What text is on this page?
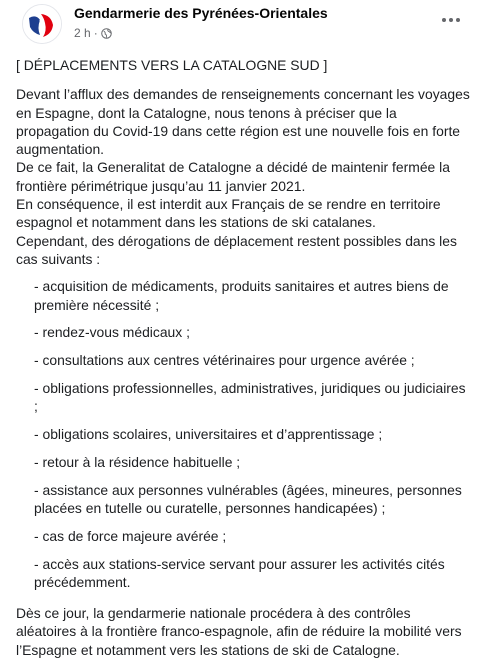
Gendarmerie des Pyrénées-Orientales
2 h ·

[ DÉPLACEMENTS VERS LA CATALOGNE SUD ]

Devant l’afflux des demandes de renseignements concernant les voyages en Espagne, dont la Catalogne, nous tenons à préciser que la propagation du Covid-19 dans cette région est une nouvelle fois en forte augmentation.

De ce fait, la Generalitat de Catalogne a décidé de maintenir fermée la frontière périmétrique jusqu’au 11 janvier 2021.

En conséquence, il est interdit aux Français de se rendre en territoire espagnol et notamment dans les stations de ski catalanes.

Cependant, des dérogations de déplacement restent possibles dans les cas suivants :

- acquisition de médicaments, produits sanitaires et autres biens de première nécessité ;

- rendez-vous médicaux ;

- consultations aux centres vétérinaires pour urgence avérée ;

- obligations professionnelles, administratives, juridiques ou judiciaires ;

- obligations scolaires, universitaires et d’apprentissage ;

- retour à la résidence habituelle ;

- assistance aux personnes vulnérables (âgées, mineures, personnes placées en tutelle ou curatelle, personnes handicapées) ;

- cas de force majeure avérée ;

- accès aux stations-service servant pour assurer les activités cités précédemment.

Dès ce jour, la gendarmerie nationale procédera à des contrôles aléatoires à la frontière franco-espagnole, afin de réduire la mobilité vers l’Espagne et notamment vers les stations de ski de Catalogne.
